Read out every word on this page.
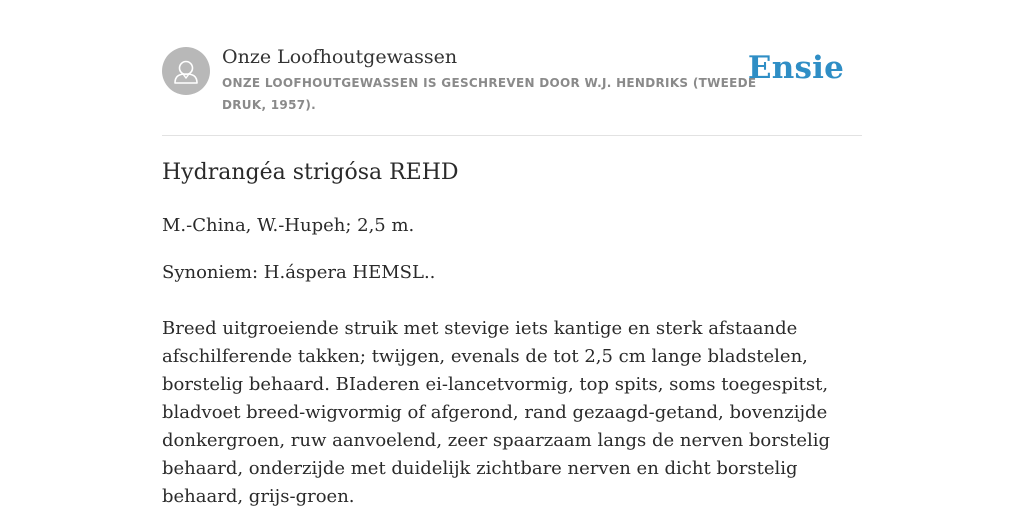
Onze Loofhoutgewassen
ONZE LOOFHOUTGEWASSEN IS GESCHREVEN DOOR W.J. HENDRIKS (TWEEDE DRUK, 1957).
Ensie
Hydrangéa strigósa REHD
M.-China, W.-Hupeh; 2,5 m.
Synoniem: H.áspera HEMSL..
Breed uitgroeiende struik met stevige iets kantige en sterk afstaande afschilferende takken; twijgen, evenals de tot 2,5 cm lange bladstelen, borstelig behaard. BIaderen ei-lancetvormig, top spits, soms toegespitst, bladvoet breed-wigvormig of afgerond, rand gezaagd-getand, bovenzijde donkergroen, ruw aanvoelend, zeer spaarzaam langs de nerven borstelig behaard, onderzijde met duidelijk zichtbare nerven en dicht borstelig behaard, grijs-groen.
